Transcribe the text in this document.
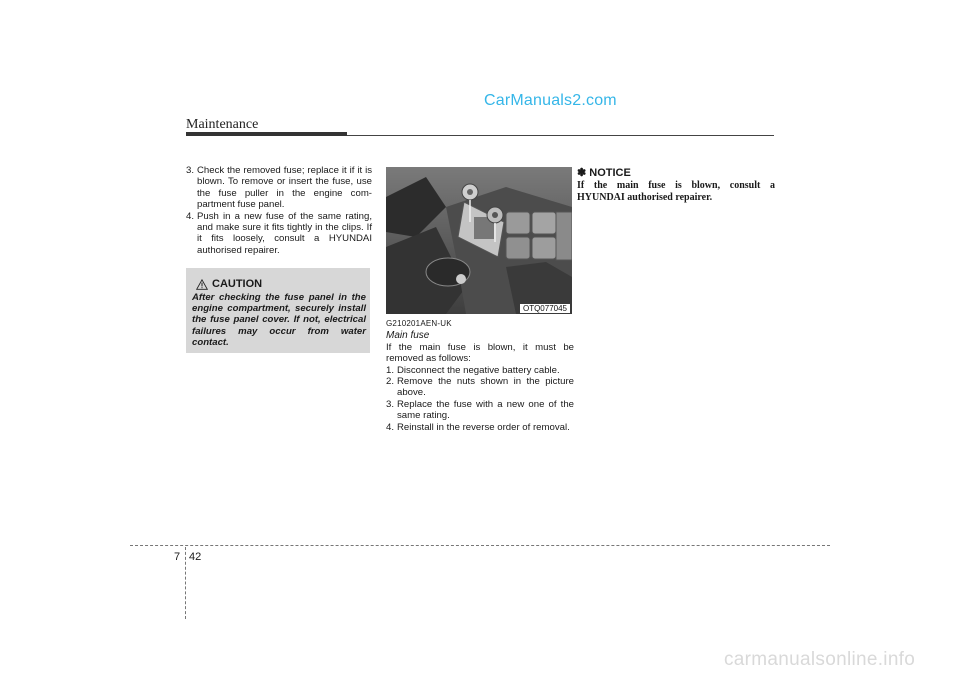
CarManuals2.com
Maintenance
3. Check the removed fuse; replace it if it is blown. To remove or insert the fuse, use the fuse puller in the engine com- partment fuse panel.
4. Push in a new fuse of the same rating, and make sure it fits tightly in the clips. If it fits loosely, consult a HYUNDAI authorised repairer.
CAUTION
After checking the fuse panel in the engine compartment, securely install the fuse panel cover. If not, electrical failures may occur from water contact.
OTQ077045
G210201AEN-UK
Main fuse
If the main fuse is blown, it must be removed as follows:
1. Disconnect the negative battery cable.
2. Remove the nuts shown in the picture above.
3. Replace the fuse with a new one of the same rating.
4. Reinstall in the reverse order of removal.
✽ NOTICE
If the main fuse is blown, consult a HYUNDAI authorised repairer.
7 42
carmanualsonline.info
